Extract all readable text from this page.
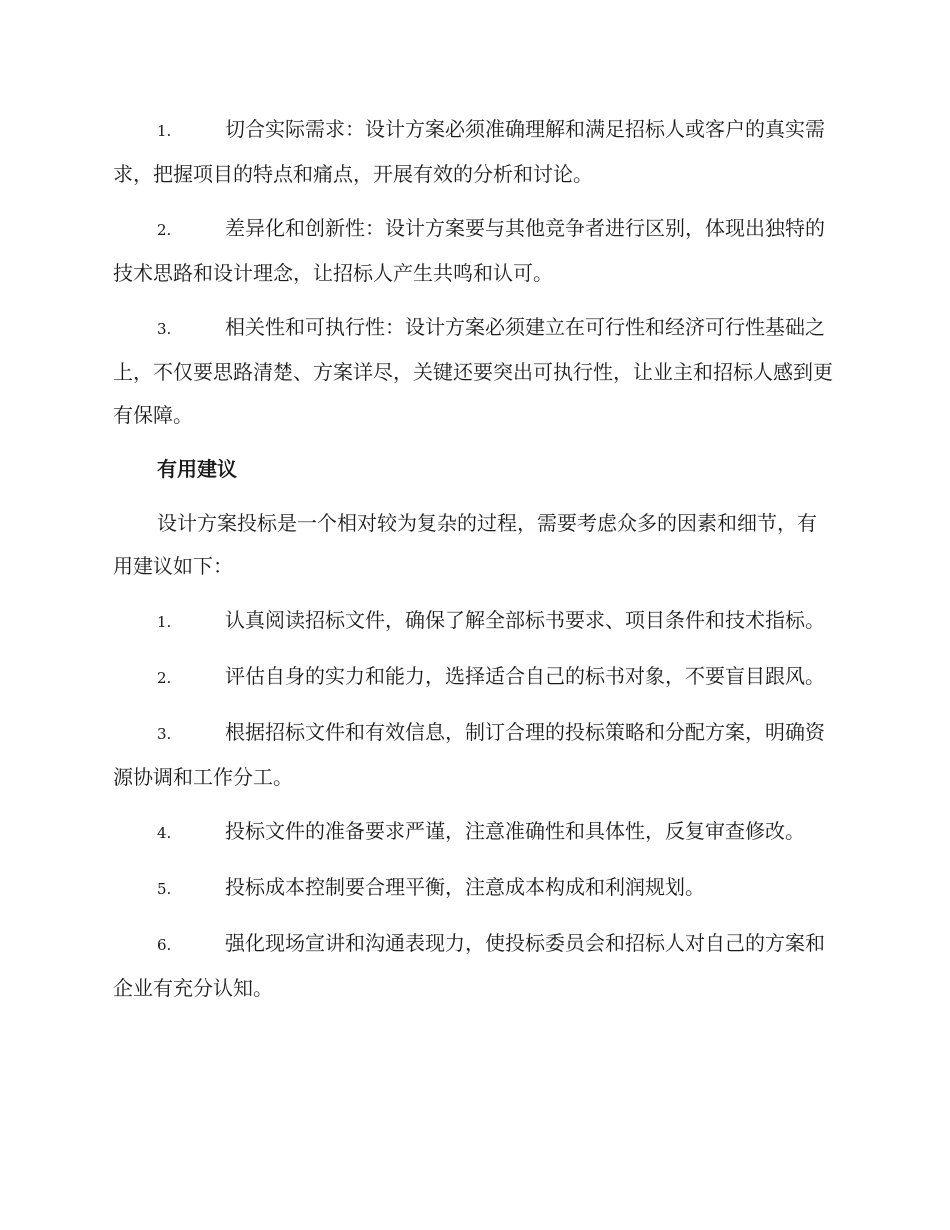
1.	切合实际需求：设计方案必须准确理解和满足招标人或客户的真实需求，把握项目的特点和痛点，开展有效的分析和讨论。
2.	差异化和创新性：设计方案要与其他竞争者进行区别，体现出独特的技术思路和设计理念，让招标人产生共鸣和认可。
3.	相关性和可执行性：设计方案必须建立在可行性和经济可行性基础之上，不仅要思路清楚、方案详尽，关键还要突出可执行性，让业主和招标人感到更有保障。
有用建议
设计方案投标是一个相对较为复杂的过程，需要考虑众多的因素和细节，有用建议如下：
1.	认真阅读招标文件，确保了解全部标书要求、项目条件和技术指标。
2.	评估自身的实力和能力，选择适合自己的标书对象，不要盲目跟风。
3.	根据招标文件和有效信息，制订合理的投标策略和分配方案，明确资源协调和工作分工。
4.	投标文件的准备要求严谨，注意准确性和具体性，反复审查修改。
5.	投标成本控制要合理平衡，注意成本构成和利润规划。
6.	强化现场宣讲和沟通表现力，使投标委员会和招标人对自己的方案和企业有充分认知。
